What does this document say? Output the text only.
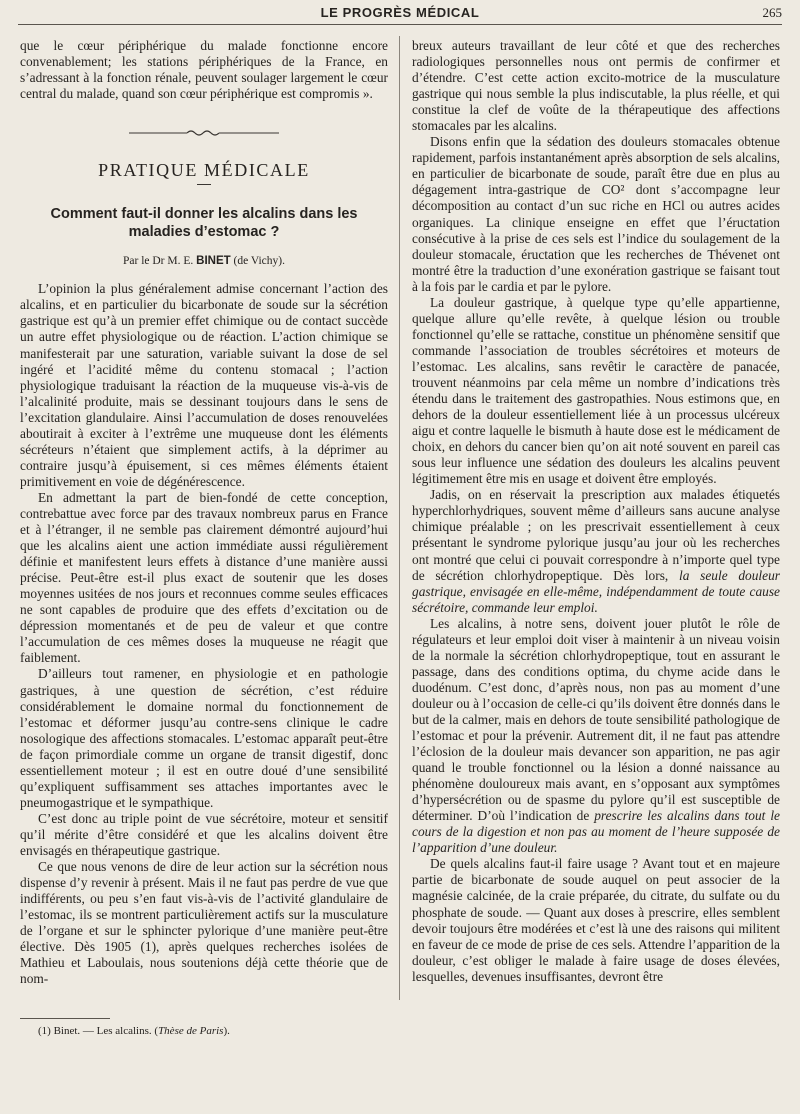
LE PROGRÈS MÉDICAL	265

que le cœur périphérique du malade fonctionne encore convenablement; les stations périphériques de la France, en s’adressant à la fonction rénale, peuvent soulager largement le cœur central du malade, quand son cœur périphérique est compromis ».

PRATIQUE MÉDICALE
Comment faut-il donner les alcalins dans les maladies d’estomac ?
Par le Dr M. E. BINET (de Vichy).

L’opinion la plus généralement admise concernant l’action des alcalins, et en particulier du bicarbonate de soude sur la sécrétion gastrique est qu’à un premier effet chimique ou de contact succède un autre effet physiologique ou de réaction. L’action chimique se manifesterait par une saturation, variable suivant la dose de sel ingéré et l’acidité même du contenu stomacal ; l’action physiologique traduisant la réaction de la muqueuse vis-à-vis de l’alcalinité produite, mais se dessinant toujours dans le sens de l’excitation glandulaire. Ainsi l’accumulation de doses renouvelées aboutirait à exciter à l’extrême une muqueuse dont les éléments sécréteurs n’étaient que simplement actifs, à la déprimer au contraire jusqu’à épuisement, si ces mêmes éléments étaient primitivement en voie de dégénérescence.

En admettant la part de bien-fondé de cette conception, contrebattue avec force par des travaux nombreux parus en France et à l’étranger, il ne semble pas clairement démontré aujourd’hui que les alcalins aient une action immédiate aussi régulièrement définie et manifestent leurs effets à distance d’une manière aussi précise. Peut-être est-il plus exact de soutenir que les doses moyennes usitées de nos jours et reconnues comme seules efficaces ne sont capables de produire que des effets d’excitation ou de dépression momentanés et de peu de valeur et que contre l’accumulation de ces mêmes doses la muqueuse ne réagit que faiblement.

D’ailleurs tout ramener, en physiologie et en pathologie gastriques, à une question de sécrétion, c’est réduire considérablement le domaine normal du fonctionnement de l’estomac et déformer jusqu’au contre-sens clinique le cadre nosologique des affections stomacales. L’estomac apparaît peut-être de façon primordiale comme un organe de transit digestif, donc essentiellement moteur ; il est en outre doué d’une sensibilité qu’expliquent suffisamment ses attaches importantes avec le pneumogastrique et le sympathique.

C’est donc au triple point de vue sécrétoire, moteur et sensitif qu’il mérite d’être considéré et que les alcalins doivent être envisagés en thérapeutique gastrique.

Ce que nous venons de dire de leur action sur la sécrétion nous dispense d’y revenir à présent. Mais il ne faut pas perdre de vue que indifférents, ou peu s’en faut vis-à-vis de l’activité glandulaire de l’estomac, ils se montrent particulièrement actifs sur la musculature de l’organe et sur le sphincter pylorique d’une manière peut-être élective. Dès 1905 (1), après quelques recherches isolées de Mathieu et Laboulais, nous soutenions déjà cette théorie que de nom-

breux auteurs travaillant de leur côté et que des recherches radiologiques personnelles nous ont permis de confirmer et d’étendre. C’est cette action excito-motrice de la musculature gastrique qui nous semble la plus indiscutable, la plus réelle, et qui constitue la clef de voûte de la thérapeutique des affections stomacales par les alcalins.

Disons enfin que la sédation des douleurs stomacales obtenue rapidement, parfois instantanément après absorption de sels alcalins, en particulier de bicarbonate de soude, paraît être due en plus au dégagement intra-gastrique de CO² dont s’accompagne leur décomposition au contact d’un suc riche en HCl ou autres acides organiques. La clinique enseigne en effet que l’éructation consécutive à la prise de ces sels est l’indice du soulagement de la douleur stomacale, éructation que les recherches de Thévenet ont montré être la traduction d’une exonération gastrique se faisant tout à la fois par le cardia et par le pylore.

La douleur gastrique, à quelque type qu’elle appartienne, quelque allure qu’elle revête, à quelque lésion ou trouble fonctionnel qu’elle se rattache, constitue un phénomène sensitif que commande l’association de troubles sécrétoires et moteurs de l’estomac. Les alcalins, sans revêtir le caractère de panacée, trouvent néanmoins par cela même un nombre d’indications très étendu dans le traitement des gastropathies. Nous estimons que, en dehors de la douleur essentiellement liée à un processus ulcéreux aigu et contre laquelle le bismuth à haute dose est le médicament de choix, en dehors du cancer bien qu’on ait noté souvent en pareil cas sous leur influence une sédation des douleurs les alcalins peuvent légitimement être mis en usage et doivent être employés.

Jadis, on en réservait la prescription aux malades étiquetés hyperchlorhydriques, souvent même d’ailleurs sans aucune analyse chimique préalable ; on les prescrivait essentiellement à ceux présentant le syndrome pylorique jusqu’au jour où les recherches ont montré que celui ci pouvait correspondre à n’importe quel type de sécrétion chlorhydropeptique. Dès lors, la seule douleur gastrique, envisagée en elle-même, indépendamment de toute cause sécrétoire, commande leur emploi.

Les alcalins, à notre sens, doivent jouer plutôt le rôle de régulateurs et leur emploi doit viser à maintenir à un niveau voisin de la normale la sécrétion chlorhydropeptique, tout en assurant le passage, dans des conditions optima, du chyme acide dans le duodénum. C’est donc, d’après nous, non pas au moment d’une douleur ou à l’occasion de celle-ci qu’ils doivent être donnés dans le but de la calmer, mais en dehors de toute sensibilité pathologique de l’estomac et pour la prévenir. Autrement dit, il ne faut pas attendre l’éclosion de la douleur mais devancer son apparition, ne pas agir quand le trouble fonctionnel ou la lésion a donné naissance au phénomène douloureux mais avant, en s’opposant aux symptômes d’hypersécrétion ou de spasme du pylore qu’il est susceptible de déterminer. D’où l’indication de prescrire les alcalins dans tout le cours de la digestion et non pas au moment de l’heure supposée de l’apparition d’une douleur.

De quels alcalins faut-il faire usage ? Avant tout et en majeure partie de bicarbonate de soude auquel on peut associer de la magnésie calcinée, de la craie préparée, du citrate, du sulfate ou du phosphate de soude. — Quant aux doses à prescrire, elles semblent devoir toujours être modérées et c’est là une des raisons qui militent en faveur de ce mode de prise de ces sels. Attendre l’apparition de la douleur, c’est obliger le malade à faire usage de doses élevées, lesquelles, devenues insuffisantes, devront être

(1) Binet. — Les alcalins. (Thèse de Paris).
